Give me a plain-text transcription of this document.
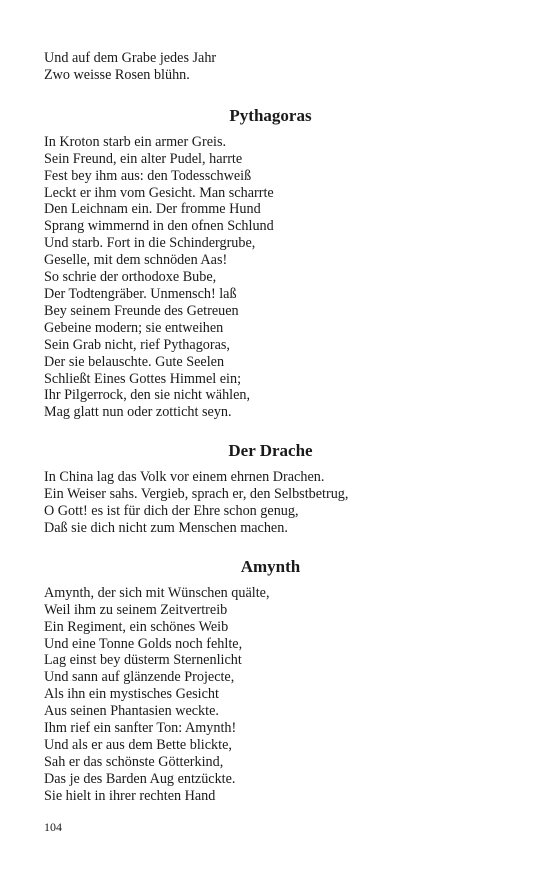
Und auf dem Grabe jedes Jahr

Zwo weisse Rosen blühn.

Pythagoras

In Kroton starb ein armer Greis.

Sein Freund, ein alter Pudel, harrte

Fest bey ihm aus: den Todesschweiß

Leckt er ihm vom Gesicht. Man scharrte

Den Leichnam ein. Der fromme Hund

Sprang wimmernd in den ofnen Schlund

Und starb. Fort in die Schindergrube,

Geselle, mit dem schnöden Aas!

So schrie der orthodoxe Bube,

Der Todtengräber. Unmensch! laß

Bey seinem Freunde des Getreuen

Gebeine modern; sie entweihen

Sein Grab nicht, rief Pythagoras,

Der sie belauschte. Gute Seelen

Schließt Eines Gottes Himmel ein;

Ihr Pilgerrock, den sie nicht wählen,

Mag glatt nun oder zotticht seyn.

Der Drache

In China lag das Volk vor einem ehrnen Drachen.

Ein Weiser sahs. Vergieb, sprach er, den Selbstbetrug,

O Gott! es ist für dich der Ehre schon genug,

Daß sie dich nicht zum Menschen machen.

Amynth

Amynth, der sich mit Wünschen quälte,

Weil ihm zu seinem Zeitvertreib

Ein Regiment, ein schönes Weib

Und eine Tonne Golds noch fehlte,

Lag einst bey düsterm Sternenlicht

Und sann auf glänzende Projecte,

Als ihn ein mystisches Gesicht

Aus seinen Phantasien weckte.

Ihm rief ein sanfter Ton: Amynth!

Und als er aus dem Bette blickte,

Sah er das schönste Götterkind,

Das je des Barden Aug entzückte.

Sie hielt in ihrer rechten Hand

104
